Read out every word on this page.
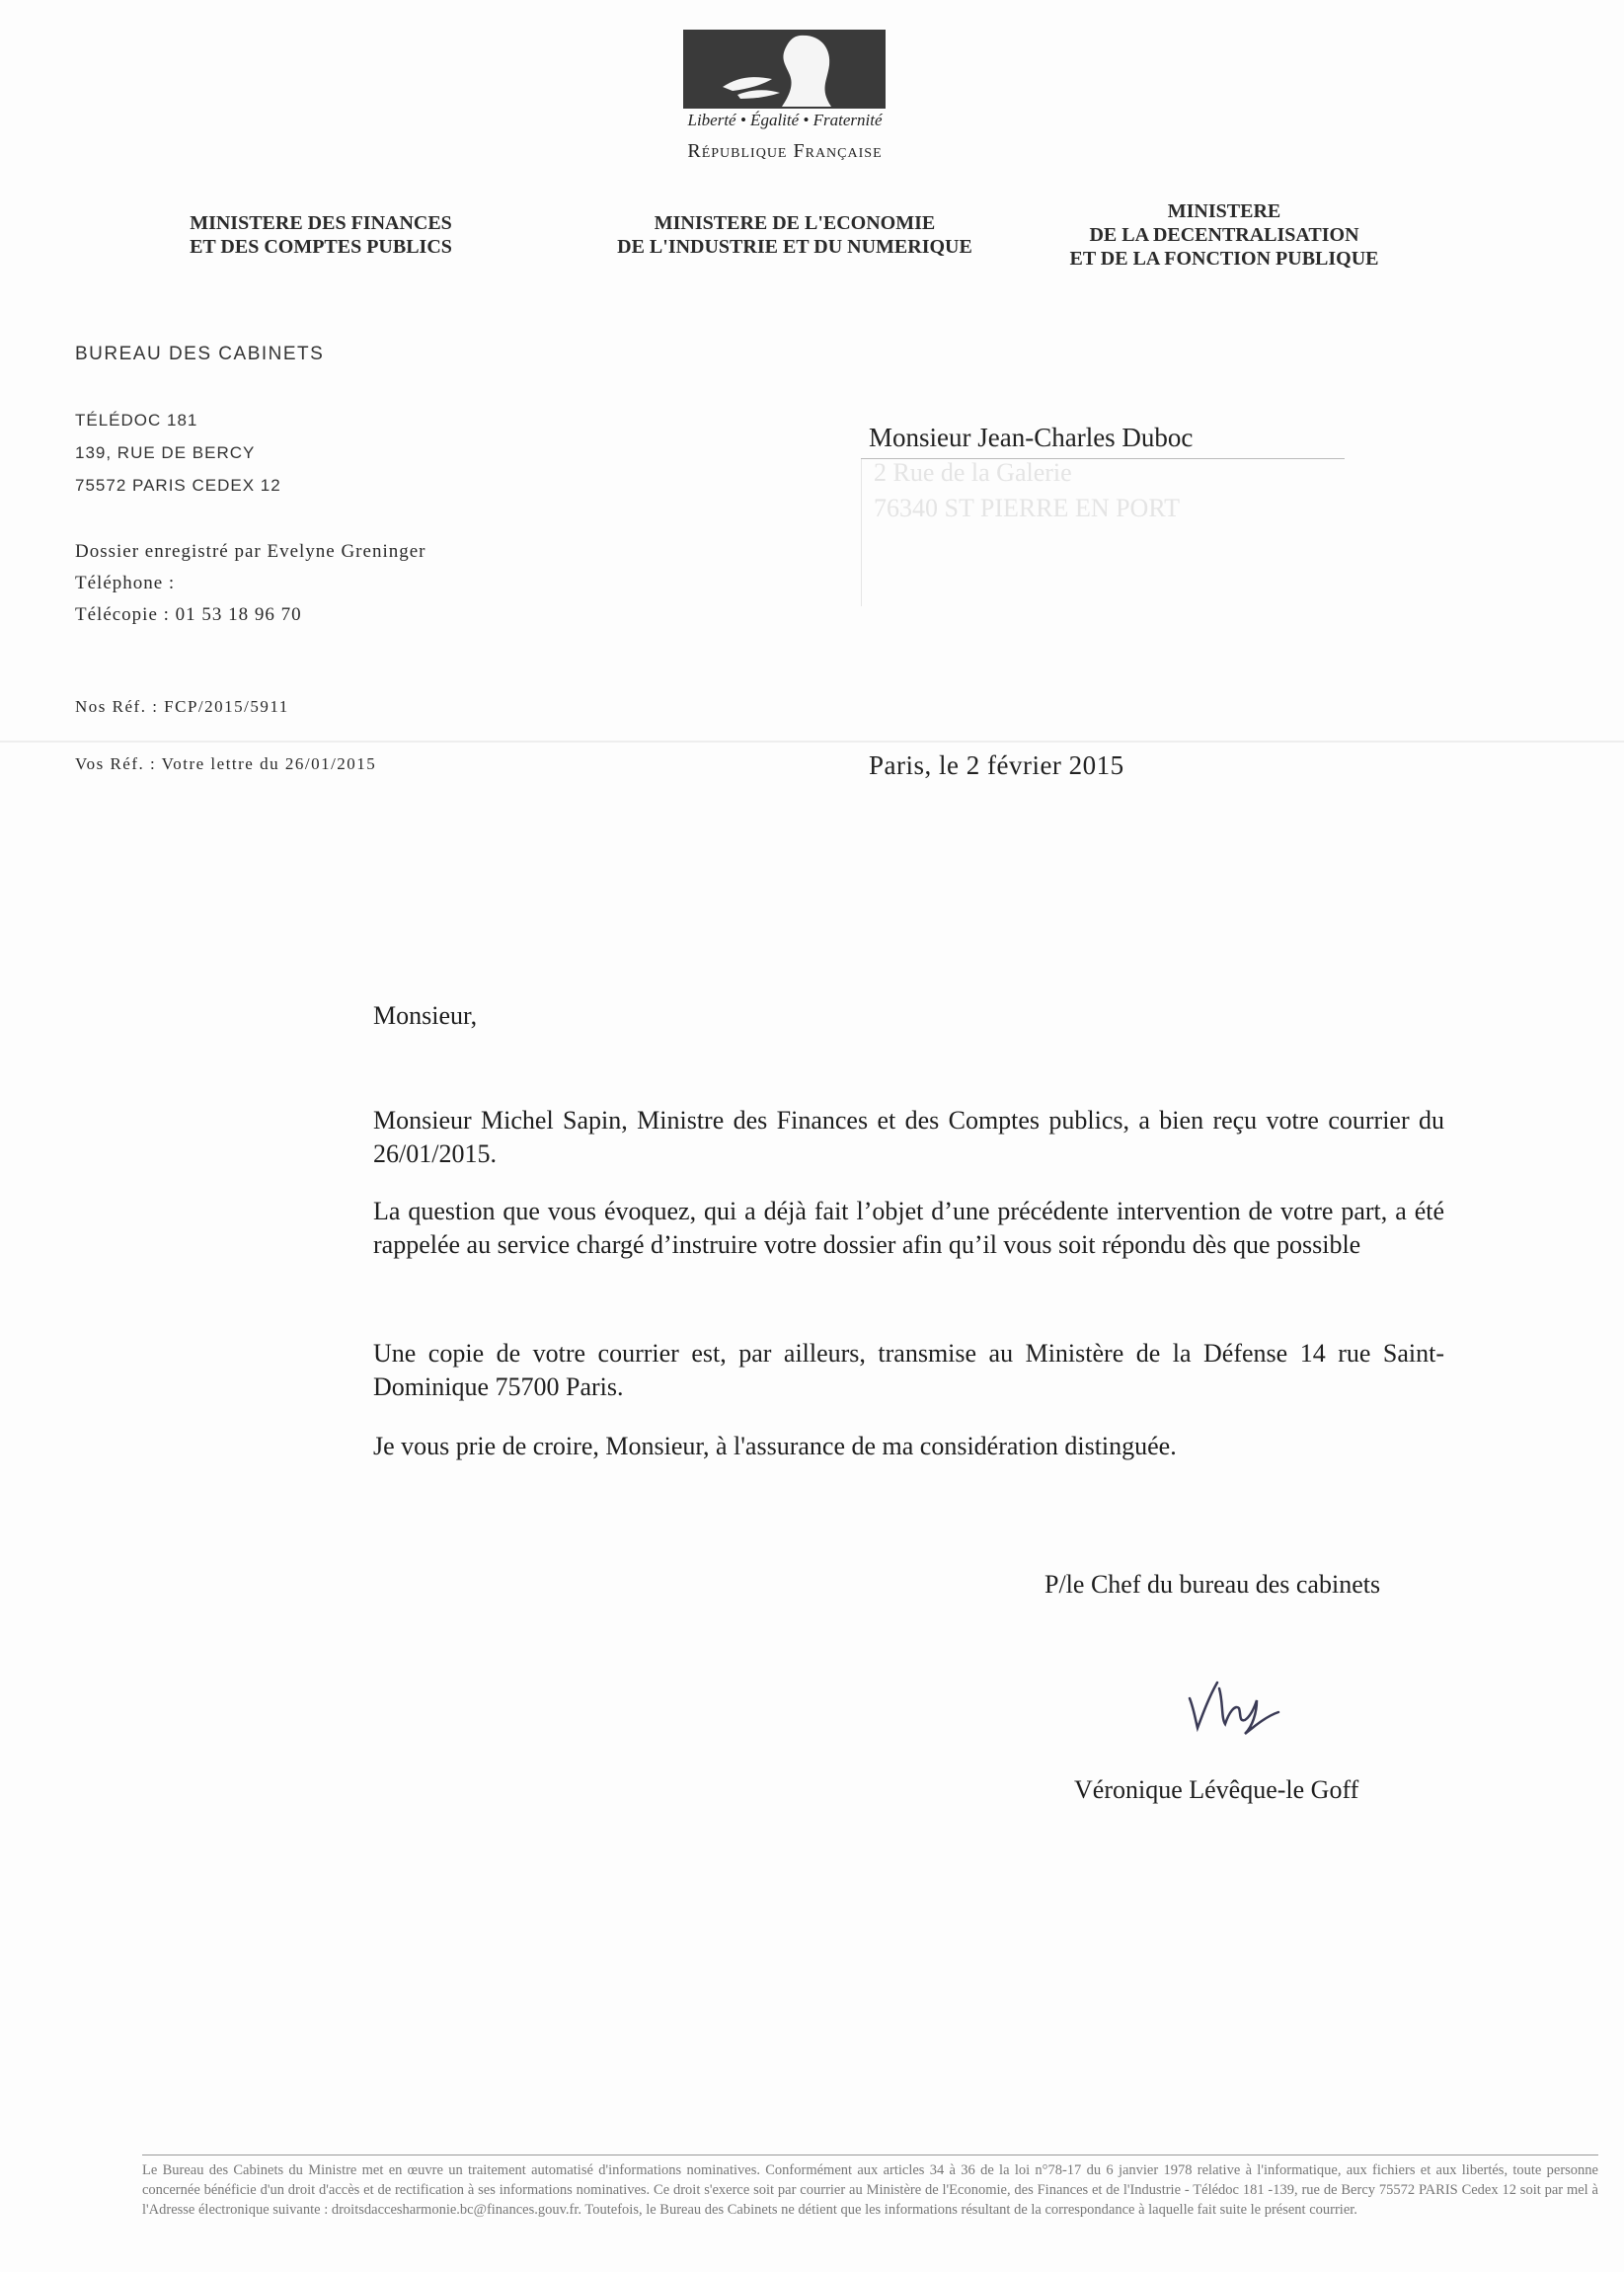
Liberté • Égalité • Fraternité
République Française
MINISTERE DES FINANCES
ET DES COMPTES PUBLICS
MINISTERE DE L'ECONOMIE
DE L'INDUSTRIE ET DU NUMERIQUE
MINISTERE
DE LA DECENTRALISATION
ET DE LA FONCTION PUBLIQUE
BUREAU DES CABINETS
TÉLÉDOC 181
139, RUE DE BERCY
75572 PARIS CEDEX 12
Dossier enregistré par Evelyne Greninger
Téléphone :
Télécopie : 01 53 18 96 70
Nos Réf. : FCP/2015/5911
Vos Réf. : Votre lettre du 26/01/2015
Monsieur Jean-Charles Duboc
2 Rue de la Galerie
76340 ST PIERRE EN PORT
Paris, le 2 février 2015
Monsieur,
Monsieur Michel Sapin, Ministre des Finances et des Comptes publics, a bien reçu votre courrier du 26/01/2015.
La question que vous évoquez, qui a déjà fait l’objet d’une précédente intervention de votre part, a été rappelée au service chargé d’instruire votre dossier afin qu’il vous soit répondu dès que possible
Une copie de votre courrier est, par ailleurs, transmise au Ministère de la Défense 14 rue Saint-Dominique 75700 Paris.
Je vous prie de croire, Monsieur, à l'assurance de ma considération distinguée.
P/le Chef du bureau des cabinets
Véronique Lévêque-le Goff
Le Bureau des Cabinets du Ministre met en œuvre un traitement automatisé d'informations nominatives. Conformément aux articles 34 à 36 de la loi n°78-17 du 6 janvier 1978 relative à l'informatique, aux fichiers et aux libertés, toute personne concernée bénéficie d'un droit d'accès et de rectification à ses informations nominatives. Ce droit s'exerce soit par courrier au Ministère de l'Economie, des Finances et de l'Industrie - Télédoc 181 -139, rue de Bercy 75572 PARIS Cedex 12 soit par mel à l'Adresse électronique suivante : droitsdaccesharmonie.bc@finances.gouv.fr. Toutefois, le Bureau des Cabinets ne détient que les informations résultant de la correspondance à laquelle fait suite le présent courrier.
